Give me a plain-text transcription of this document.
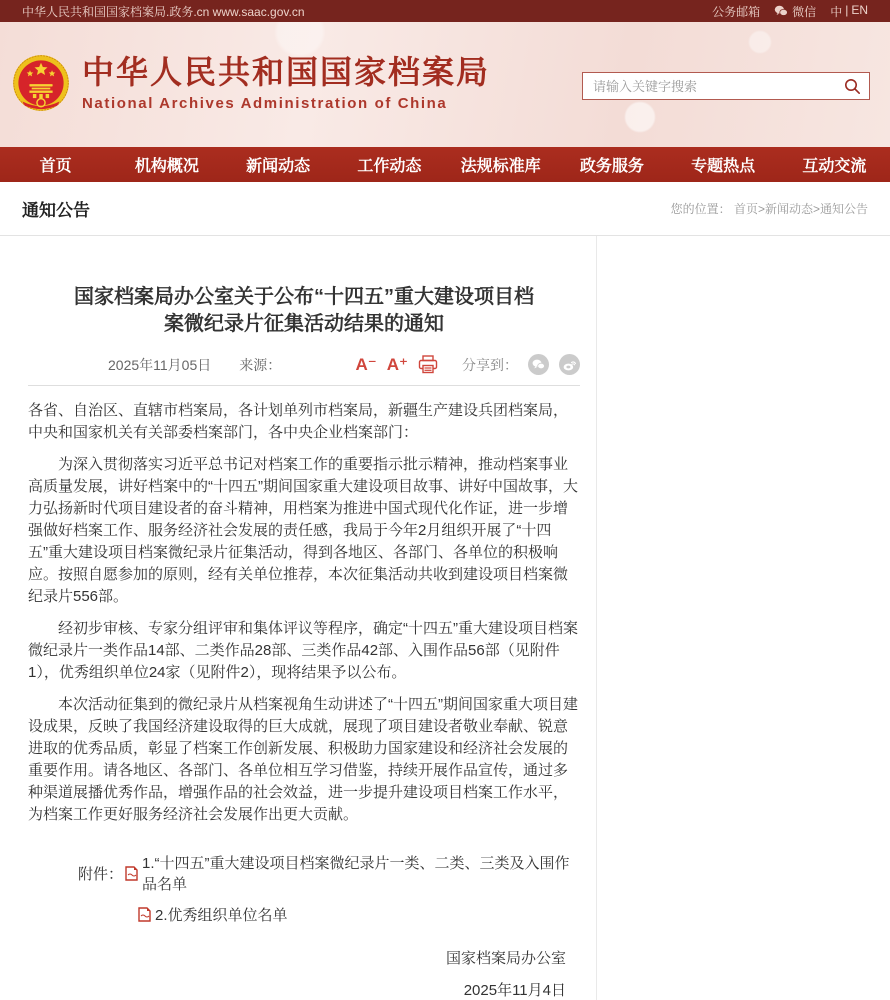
中华人民共和国国家档案局.政务.cn www.saac.gov.cn	公务邮箱	微信 中 | EN
中华人民共和国国家档案局
National Archives Administration of China
请输入关键字搜索
首页	机构概况	新闻动态	工作动态	法规标准库	政务服务	专题热点	互动交流
通知公告	您的位置： 首页>新闻动态>通知公告
国家档案局办公室关于公布“十四五”重大建设项目档案微纪录片征集活动结果的通知
2025年11月05日 来源：	A⁻ A⁺	分享到：

各省、自治区、直辖市档案局，各计划单列市档案局，新疆生产建设兵团档案局，中央和国家机关有关部委档案部门，各中央企业档案部门：

为深入贯彻落实习近平总书记对档案工作的重要指示批示精神，推动档案事业高质量发展，讲好档案中的“十四五”期间国家重大建设项目故事、讲好中国故事，大力弘扬新时代项目建设者的奋斗精神，用档案为推进中国式现代化作证，进一步增强做好档案工作、服务经济社会发展的责任感，我局于今年2月组织开展了“十四五”重大建设项目档案微纪录片征集活动，得到各地区、各部门、各单位的积极响应。按照自愿参加的原则，经有关单位推荐，本次征集活动共收到建设项目档案微纪录片556部。

经初步审核、专家分组评审和集体评议等程序，确定“十四五”重大建设项目档案微纪录片一类作品14部、二类作品28部、三类作品42部、入围作品56部（见附件1），优秀组织单位24家（见附件2），现将结果予以公布。

本次活动征集到的微纪录片从档案视角生动讲述了“十四五”期间国家重大项目建设成果，反映了我国经济建设取得的巨大成就，展现了项目建设者敬业奉献、锐意进取的优秀品质，彰显了档案工作创新发展、积极助力国家建设和经济社会发展的重要作用。请各地区、各部门、各单位相互学习借鉴，持续开展作品宣传，通过多种渠道展播优秀作品，增强作品的社会效益，进一步提升建设项目档案工作水平，为档案工作更好服务经济社会发展作出更大贡献。

附件：
1.“十四五”重大建设项目档案微纪录片一类、二类、三类及入围作品名单
2.优秀组织单位名单
国家档案局办公室
2025年11月4日
